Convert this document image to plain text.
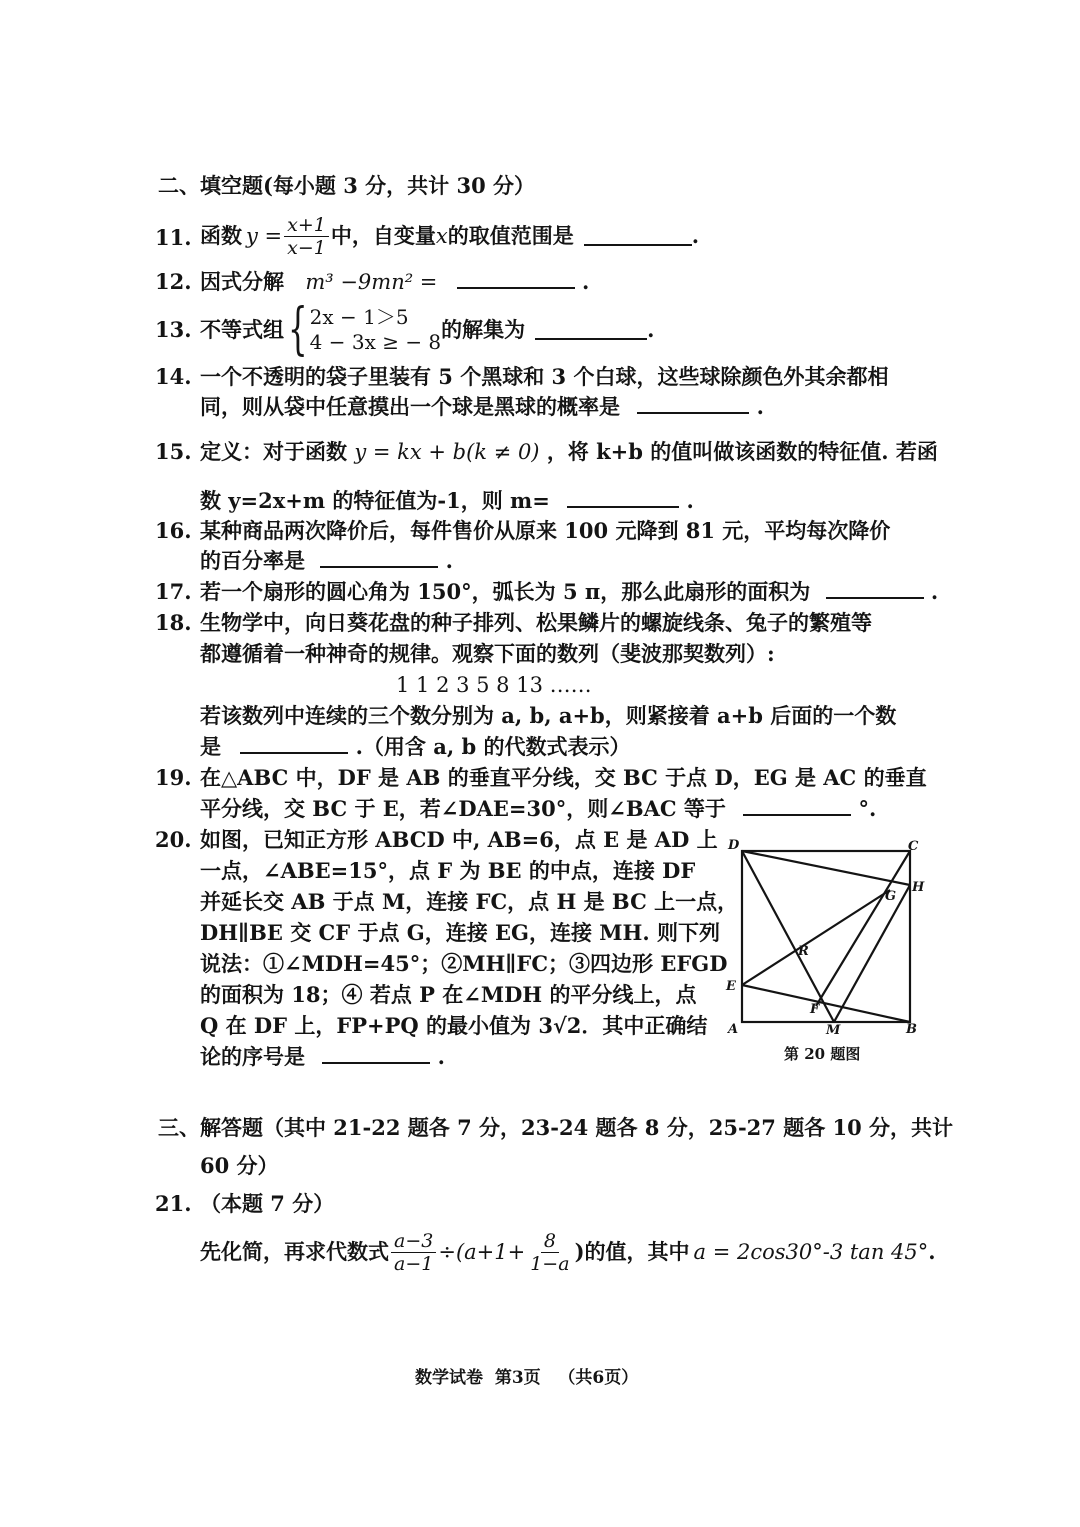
二、填空题(每小题 3 分，共计 30 分）
11. 函数 $y = \frac{x+1}{x-1}$ 中，自变量 x 的取值范围是	.
12. 因式分解 m³ −9mn² =	.
13. 不等式组 { 2x − 1＞5
4 − 3x ≥ − 8 的解集为	.
14. 一个不透明的袋子里装有 5 个黑球和 3 个白球，这些球除颜色外其余都相
同，则从袋中任意摸出一个球是黑球的概率是	.
15. 定义：对于函数 y = kx + b(k ≠ 0) ，将 k+b 的值叫做该函数的特征值. 若函
数 y=2x+m 的特征值为-1，则 m=	.
16. 某种商品两次降价后，每件售价从原来 100 元降到 81 元，平均每次降价
的百分率是	.
17. 若一个扇形的圆心角为 150°，弧长为 5 π，那么此扇形的面积为	.
18. 生物学中，向日葵花盘的种子排列、松果鳞片的螺旋线条、兔子的繁殖等
都遵循着一种神奇的规律。观察下面的数列（斐波那契数列）:
1 1 2 3 5 8 13 ……
若该数列中连续的三个数分别为 a, b, a+b，则紧接着 a+b 后面的一个数
是	.（用含 a, b 的代数式表示）
19. 在△ABC 中，DF 是 AB 的垂直平分线，交 BC 于点 D，EG 是 AC 的垂直
平分线，交 BC 于 E，若∠DAE=30°，则∠BAC 等于	°.
20. 如图，已知正方形 ABCD 中, AB=6，点 E 是 AD 上
一点，∠ABE=15°，点 F 为 BE 的中点，连接 DF
并延长交 AB 于点 M，连接 FC，点 H 是 BC 上一点，
DH∥BE 交 CF 于点 G，连接 EG，连接 MH. 则下列
说法：①∠MDH=45°；②MH∥FC；③四边形 EFGD
的面积为 18；④ 若点 P 在∠MDH 的平分线上，点
Q 在 DF 上，FP+PQ 的最小值为 3√2．其中正确结
论的序号是	.
D	C
H
G
R
E
F
A	M	B
第 20 题图
三、解答题（其中 21-22 题各 7 分，23-24 题各 8 分，25-27 题各 10 分，共计
60 分）
21. （本题 7 分）
先化简，再求代数式 $\frac{a-3}{a-1} \div(a+1+ \frac{8}{1-a}$ )的值，其中 a = 2cos30°-3 tan 45° .
数学试卷  第3页   （共6页）
